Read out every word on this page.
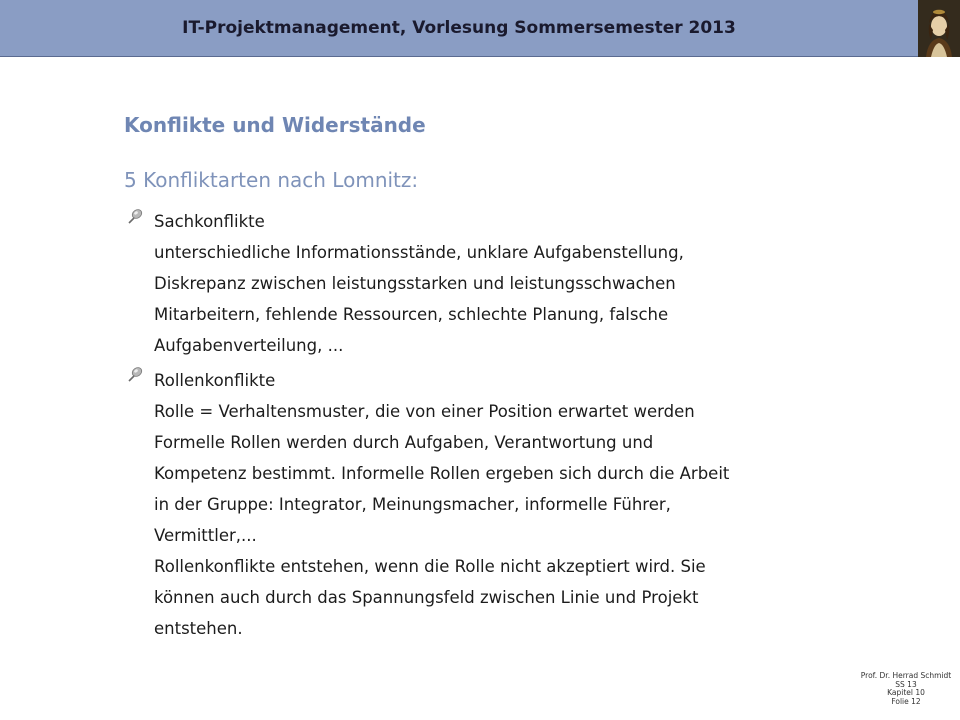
IT-Projektmanagement, Vorlesung Sommersemester 2013
Konflikte und Widerstände
5 Konfliktarten nach Lomnitz:
Sachkonflikte
unterschiedliche Informationsstände, unklare Aufgabenstellung,
Diskrepanz zwischen leistungsstarken und leistungsschwachen
Mitarbeitern, fehlende Ressourcen, schlechte Planung, falsche
Aufgabenverteilung, ...
Rollenkonflikte
Rolle = Verhaltensmuster, die von einer Position erwartet werden
Formelle Rollen werden durch Aufgaben, Verantwortung und
Kompetenz bestimmt. Informelle Rollen ergeben sich durch die Arbeit
in der Gruppe: Integrator, Meinungsmacher, informelle Führer,
Vermittler,...
Rollenkonflikte entstehen, wenn die Rolle nicht akzeptiert wird. Sie
können auch durch das Spannungsfeld zwischen Linie und Projekt
entstehen.
Prof. Dr. Herrad Schmidt
SS 13
Kapitel 10
Folie 12
